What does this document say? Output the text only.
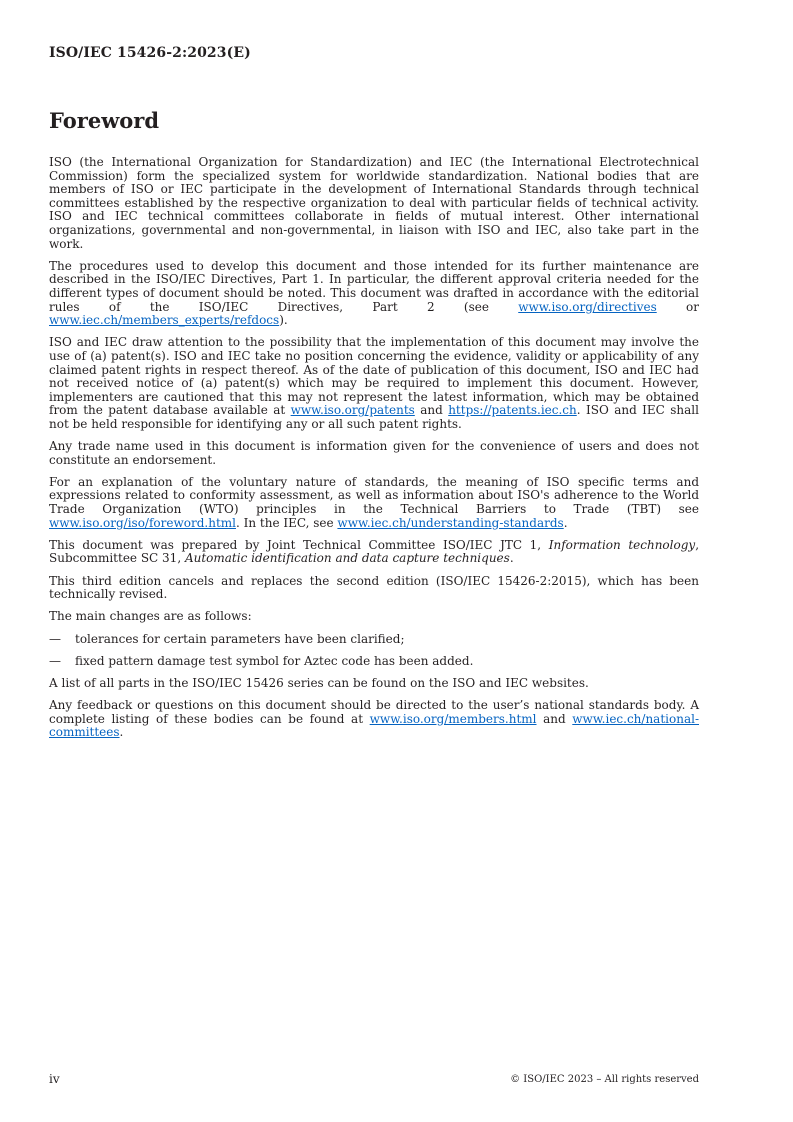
ISO/IEC 15426-2:2023(E)
Foreword

ISO (the International Organization for Standardization) and IEC (the International Electrotechnical Commission) form the specialized system for worldwide standardization. National bodies that are members of ISO or IEC participate in the development of International Standards through technical committees established by the respective organization to deal with particular fields of technical activity. ISO and IEC technical committees collaborate in fields of mutual interest. Other international organizations, governmental and non-governmental, in liaison with ISO and IEC, also take part in the work.

The procedures used to develop this document and those intended for its further maintenance are described in the ISO/IEC Directives, Part 1. In particular, the different approval criteria needed for the different types of document should be noted. This document was drafted in accordance with the editorial rules of the ISO/IEC Directives, Part 2 (see www.iso.org/directives or www.iec.ch/members_experts/refdocs).

ISO and IEC draw attention to the possibility that the implementation of this document may involve the use of (a) patent(s). ISO and IEC take no position concerning the evidence, validity or applicability of any claimed patent rights in respect thereof. As of the date of publication of this document, ISO and IEC had not received notice of (a) patent(s) which may be required to implement this document. However, implementers are cautioned that this may not represent the latest information, which may be obtained from the patent database available at www.iso.org/patents and https://patents.iec.ch. ISO and IEC shall not be held responsible for identifying any or all such patent rights.

Any trade name used in this document is information given for the convenience of users and does not constitute an endorsement.

For an explanation of the voluntary nature of standards, the meaning of ISO specific terms and expressions related to conformity assessment, as well as information about ISO's adherence to the World Trade Organization (WTO) principles in the Technical Barriers to Trade (TBT) see www.iso.org/iso/foreword.html. In the IEC, see www.iec.ch/understanding-standards.

This document was prepared by Joint Technical Committee ISO/IEC JTC 1, Information technology, Subcommittee SC 31, Automatic identification and data capture techniques.

This third edition cancels and replaces the second edition (ISO/IEC 15426-2:2015), which has been technically revised.

The main changes are as follows:

—	tolerances for certain parameters have been clarified;

—	fixed pattern damage test symbol for Aztec code has been added.

A list of all parts in the ISO/IEC 15426 series can be found on the ISO and IEC websites.

Any feedback or questions on this document should be directed to the user’s national standards body. A complete listing of these bodies can be found at www.iso.org/members.html and www.iec.ch/national-committees.

iv	© ISO/IEC 2023 – All rights reserved
